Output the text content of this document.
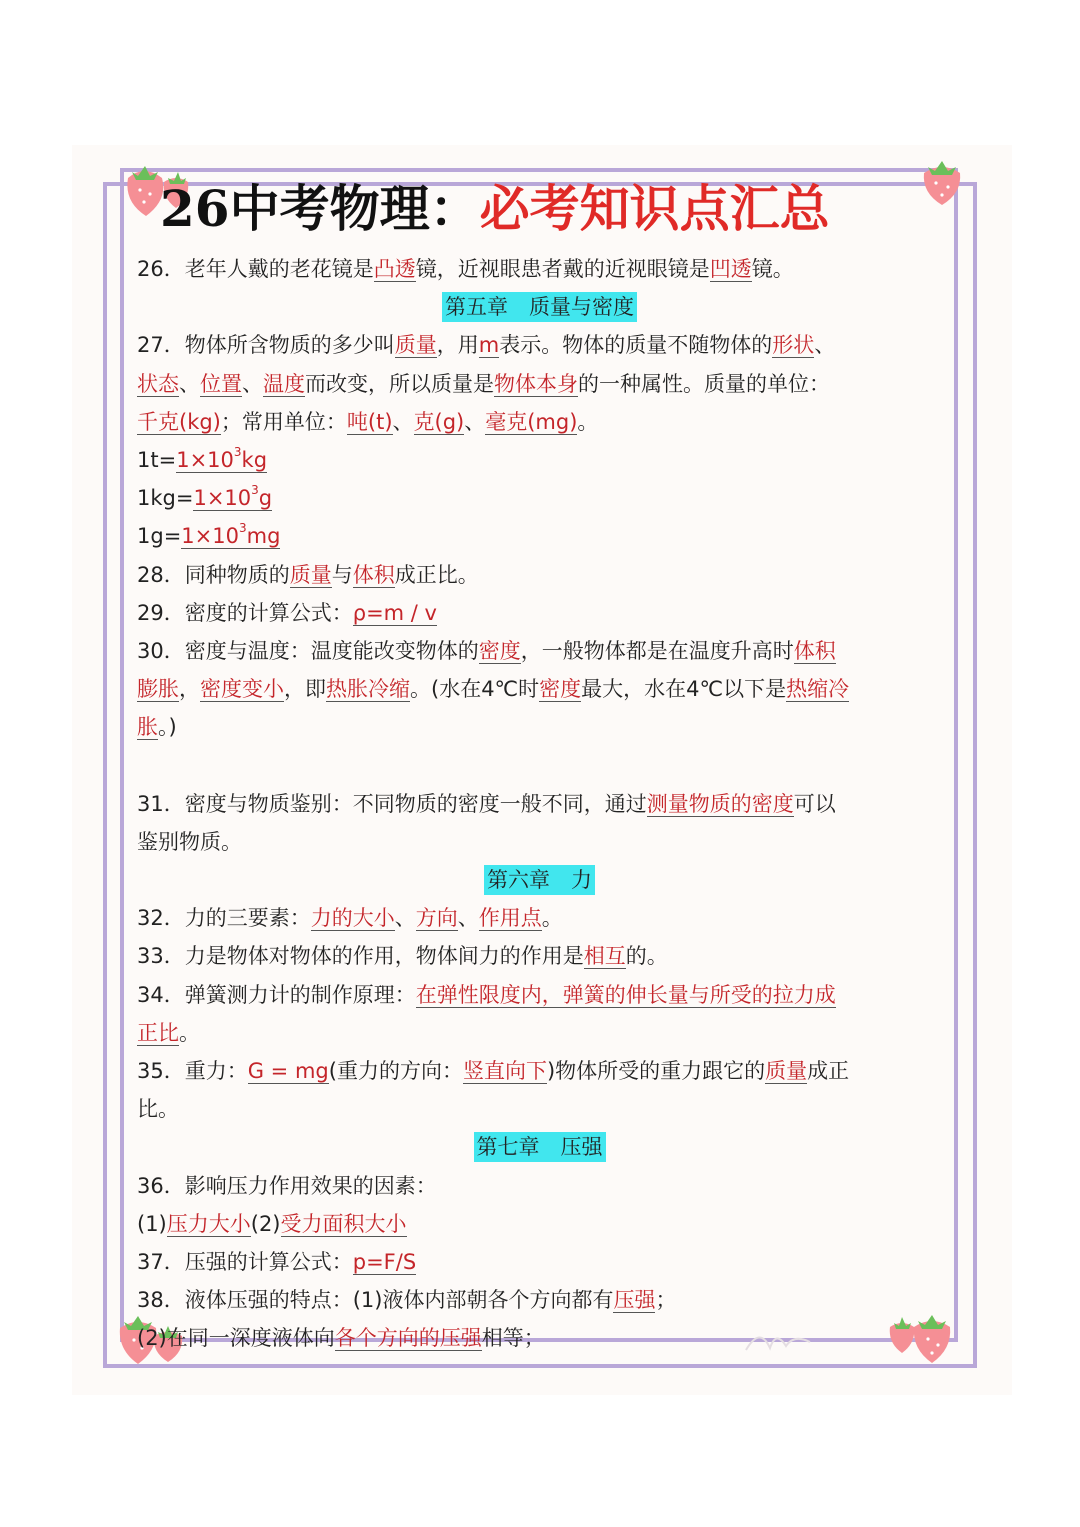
26中考物理：必考知识点汇总
26．老年人戴的老花镜是凸透镜，近视眼患者戴的近视眼镜是凹透镜。
第五章　质量与密度
27．物体所含物质的多少叫质量，用m表示。物体的质量不随物体的形状、
状态、位置、温度而改变，所以质量是物体本身的一种属性。质量的单位：
千克(kg)；常用单位：吨(t)、克(g)、毫克(mg)。
$1t=1\times 10^3kg$
$1kg=1\times 10^3g$
$1g=1\times 10^3mg$
28．同种物质的质量与体积成正比。
29．密度的计算公式：ρ=m / v
30．密度与温度：温度能改变物体的密度，一般物体都是在温度升高时体积
膨胀，密度变小，即热胀冷缩。(水在4℃时密度最大，水在4℃以下是热缩冷
胀。)
31．密度与物质鉴别：不同物质的密度一般不同，通过测量物质的密度可以
鉴别物质。
第六章　力
32．力的三要素：力的大小、方向、作用点。
33．力是物体对物体的作用，物体间力的作用是相互的。
34．弹簧测力计的制作原理：在弹性限度内，弹簧的伸长量与所受的拉力成
正比。
35．重力：G = mg(重力的方向：竖直向下)物体所受的重力跟它的质量成正
比。
第七章　压强
36．影响压力作用效果的因素：
(1)压力大小(2)受力面积大小
37．压强的计算公式：p=F/S
38．液体压强的特点：(1)液体内部朝各个方向都有压强；
(2)在同一深度液体向各个方向的压强相等；
